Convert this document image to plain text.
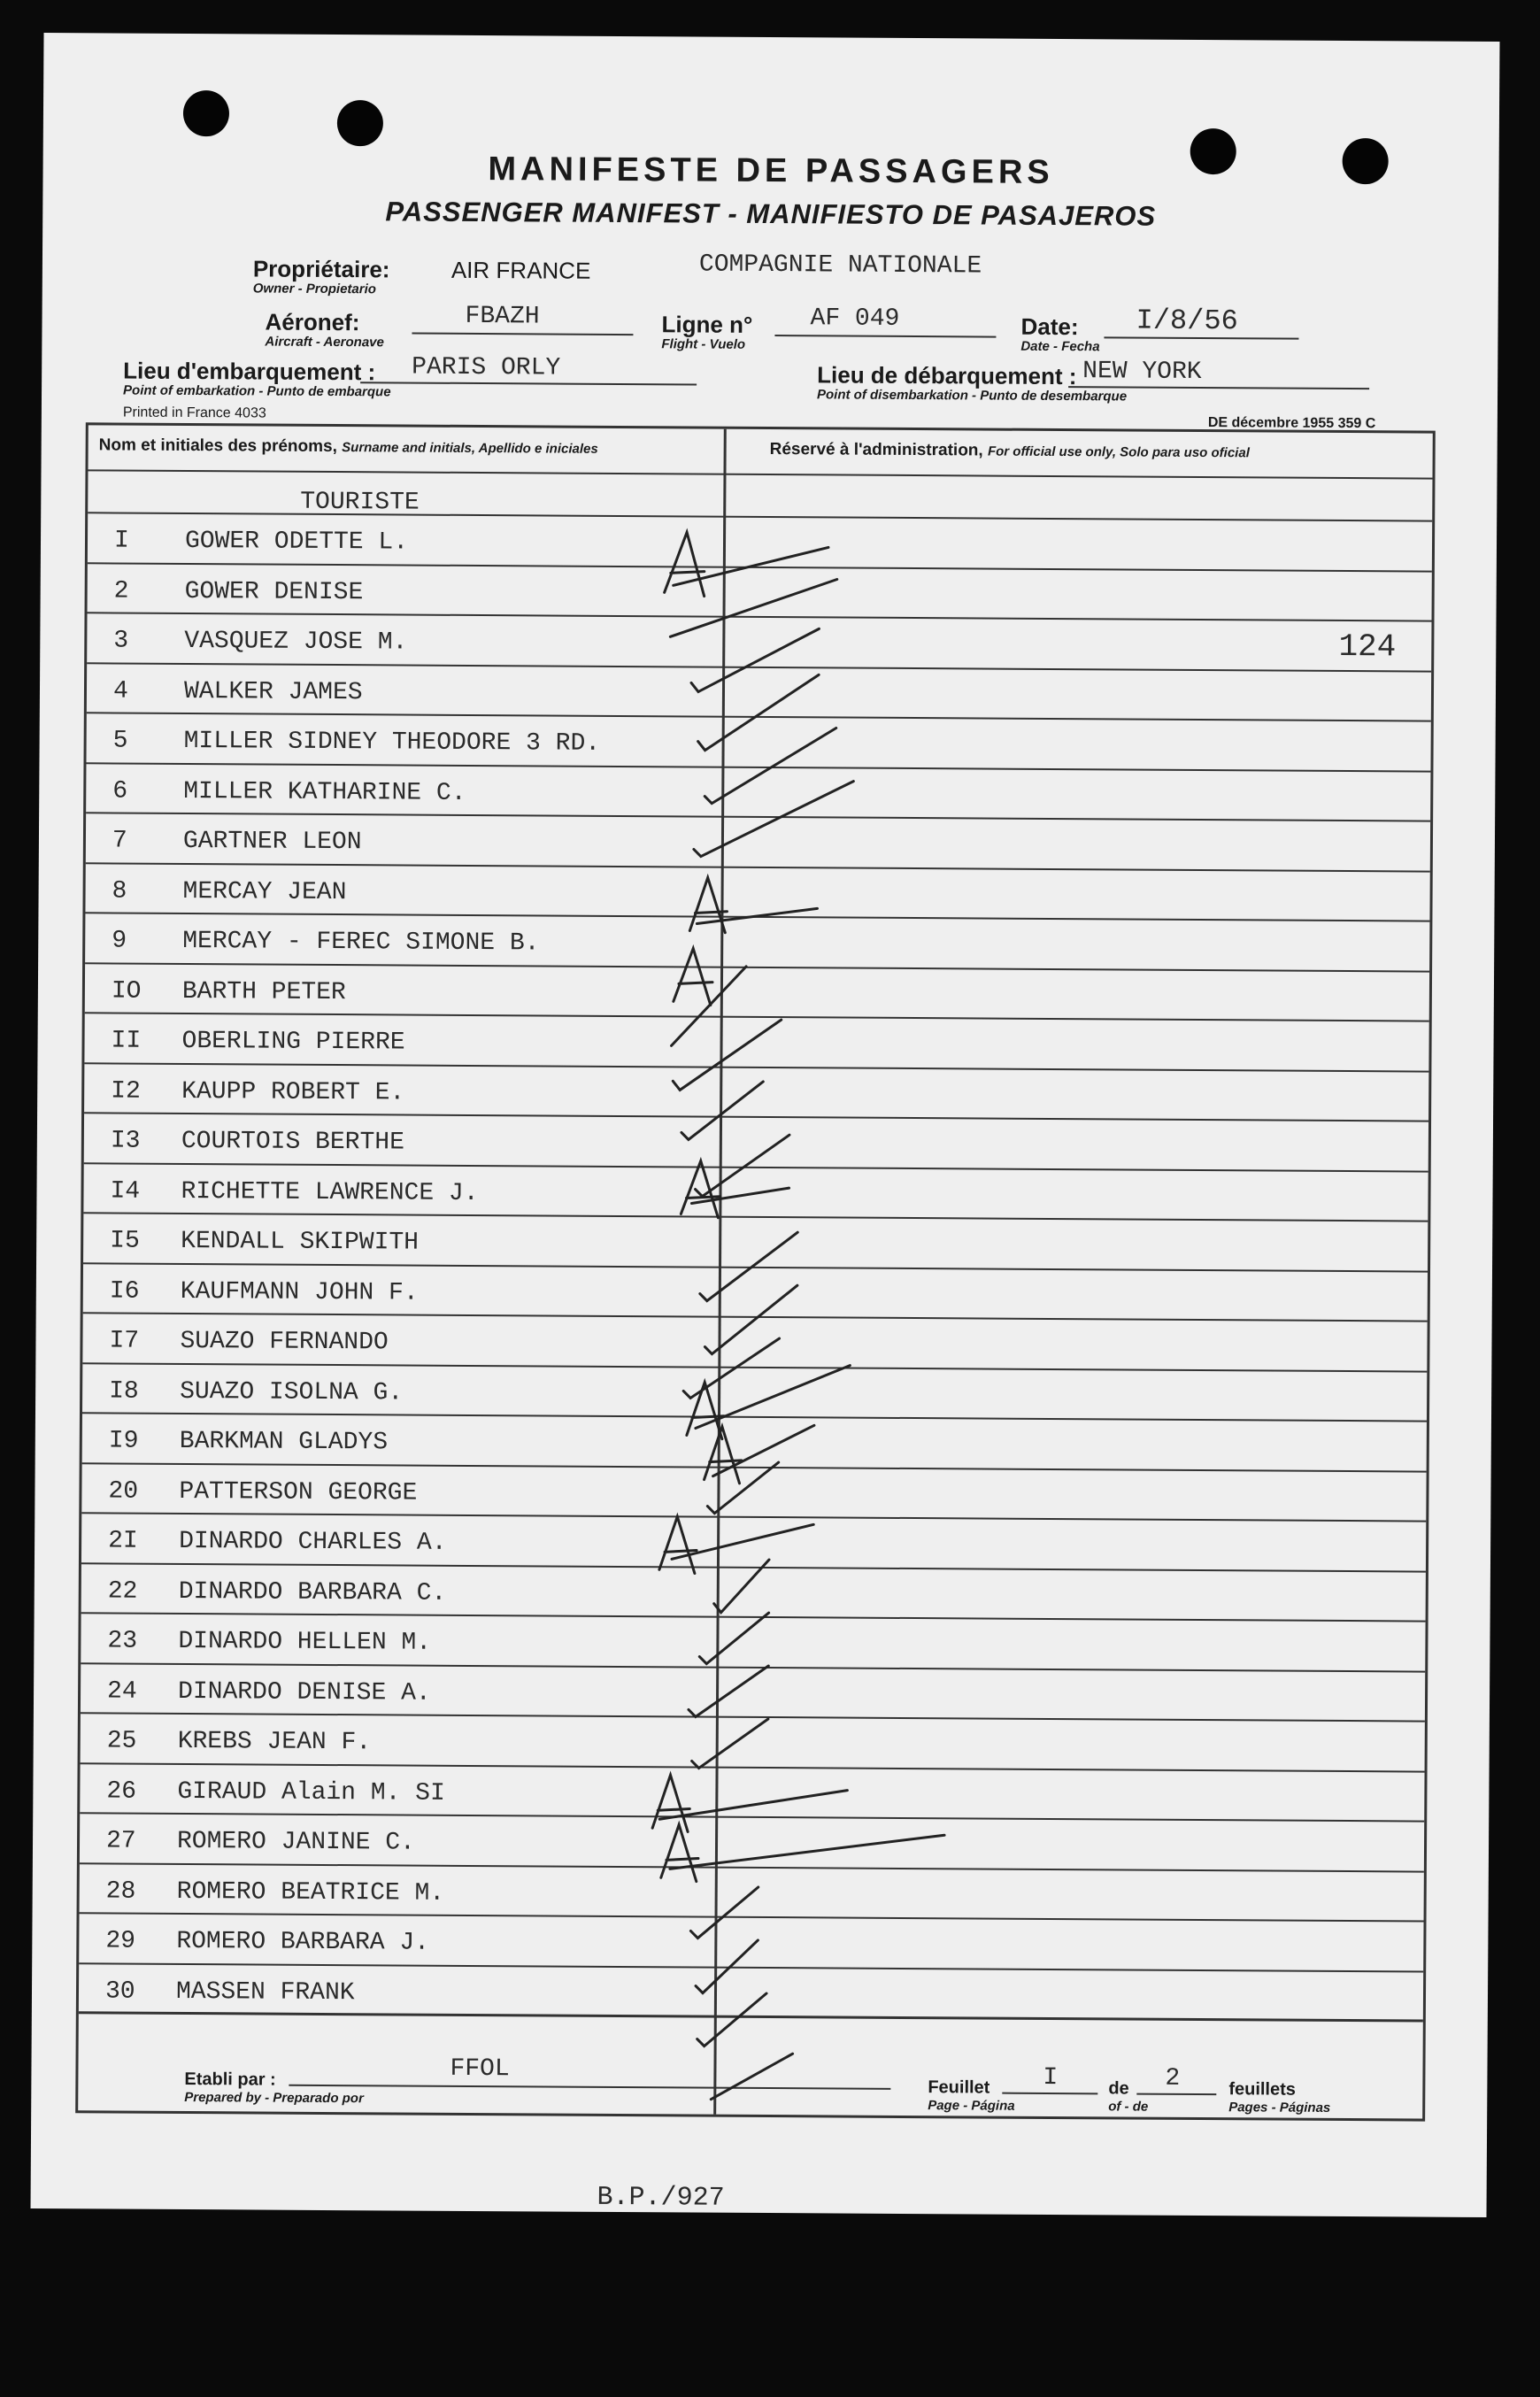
MANIFESTE DE PASSAGERS
PASSENGER MANIFEST - MANIFIESTO DE PASAJEROS
Propriétaire:
Owner - Propietario
AIR FRANCE	COMPAGNIE NATIONALE
Aéronef:
Aircraft - Aeronave
FBAZH	Ligne n°
Flight - Vuelo
AF 049	Date:
Date - Fecha
I/8/56
Lieu d'embarquement :
Point of embarkation - Punto de embarque
PARIS ORLY	Lieu de débarquement :
Point of disembarkation - Punto de desembarque
NEW YORK
Printed in France 4033
DE décembre 1955 359 C
Nom et initiales des prénoms, Surname and initials, Apellido e iniciales	Réservé à l'administration, For official use only, Solo para uso oficial
TOURISTE
I GOWER ODETTE L.
2 GOWER DENISE
3 VASQUEZ JOSE M.	124
4 WALKER JAMES
5 MILLER SIDNEY THEODORE 3 RD.
6 MILLER KATHARINE C.
7 GARTNER LEON
8 MERCAY JEAN
9 MERCAY - FEREC SIMONE B.
IO BARTH PETER
II OBERLING PIERRE
I2 KAUPP ROBERT E.
I3 COURTOIS BERTHE
I4 RICHETTE LAWRENCE J.
I5 KENDALL SKIPWITH
I6 KAUFMANN JOHN F.
I7 SUAZO FERNANDO
I8 SUAZO ISOLNA G.
I9 BARKMAN GLADYS
20 PATTERSON GEORGE
2I DINARDO CHARLES A.
22 DINARDO BARBARA C.
23 DINARDO HELLEN M.
24 DINARDO DENISE A.
25 KREBS JEAN F.
26 GIRAUD Alain M. SI
27 ROMERO JANINE C.
28 ROMERO BEATRICE M.
29 ROMERO BARBARA J.
30 MASSEN FRANK
Etabli par :
Prepared by - Preparado por
FFOL
Feuillet
Page - Página
I	de
of - de
2	feuillets
Pages - Páginas
B.P./927
